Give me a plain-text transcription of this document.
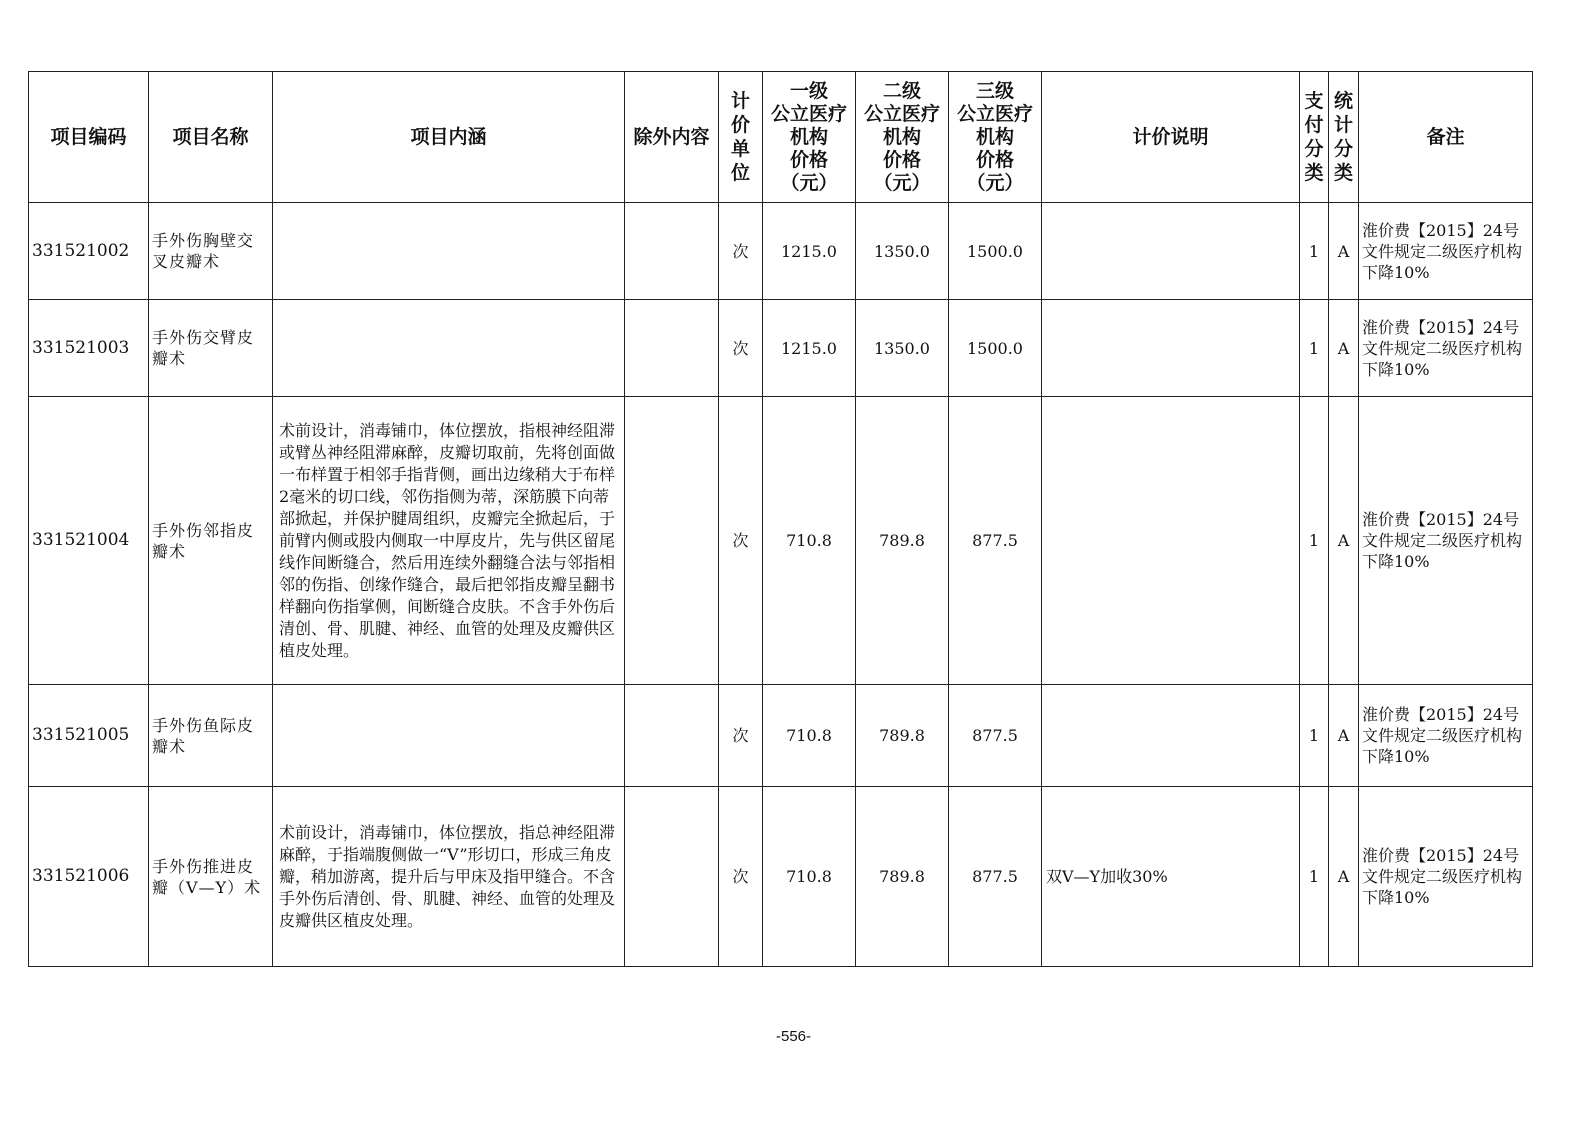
项目编码	项目名称	项目内涵	除外内容	计价单位	一级
公立医疗
机构
价格
（元）	二级
公立医疗
机构
价格
（元）	三级
公立医疗
机构
价格
（元）	计价说明	支付分类	统计分类	备注
331521002	手外伤胸壁交叉皮瓣术			次	1215.0	1350.0	1500.0		1	A	淮价费【2015】24号文件规定二级医疗机构下降10%
331521003	手外伤交臂皮瓣术			次	1215.0	1350.0	1500.0		1	A	淮价费【2015】24号文件规定二级医疗机构下降10%
331521004	手外伤邻指皮瓣术	术前设计，消毒铺巾，体位摆放，指根神经阻滞或臂丛神经阻滞麻醉，皮瓣切取前，先将创面做一布样置于相邻手指背侧，画出边缘稍大于布样2毫米的切口线，邻伤指侧为蒂，深筋膜下向蒂部掀起，并保护腱周组织，皮瓣完全掀起后，于前臂内侧或股内侧取一中厚皮片，先与供区留尾线作间断缝合，然后用连续外翻缝合法与邻指相邻的伤指、创缘作缝合，最后把邻指皮瓣呈翻书样翻向伤指掌侧，间断缝合皮肤。不含手外伤后清创、骨、肌腱、神经、血管的处理及皮瓣供区植皮处理。		次	710.8	789.8	877.5		1	A	淮价费【2015】24号文件规定二级医疗机构下降10%
331521005	手外伤鱼际皮瓣术			次	710.8	789.8	877.5		1	A	淮价费【2015】24号文件规定二级医疗机构下降10%
331521006	手外伤推进皮瓣（V—Y）术	术前设计，消毒铺巾，体位摆放，指总神经阻滞麻醉，于指端腹侧做一“V”形切口，形成三角皮瓣，稍加游离，提升后与甲床及指甲缝合。不含手外伤后清创、骨、肌腱、神经、血管的处理及皮瓣供区植皮处理。		次	710.8	789.8	877.5	双V—Y加收30%	1	A	淮价费【2015】24号文件规定二级医疗机构下降10%
-556-
